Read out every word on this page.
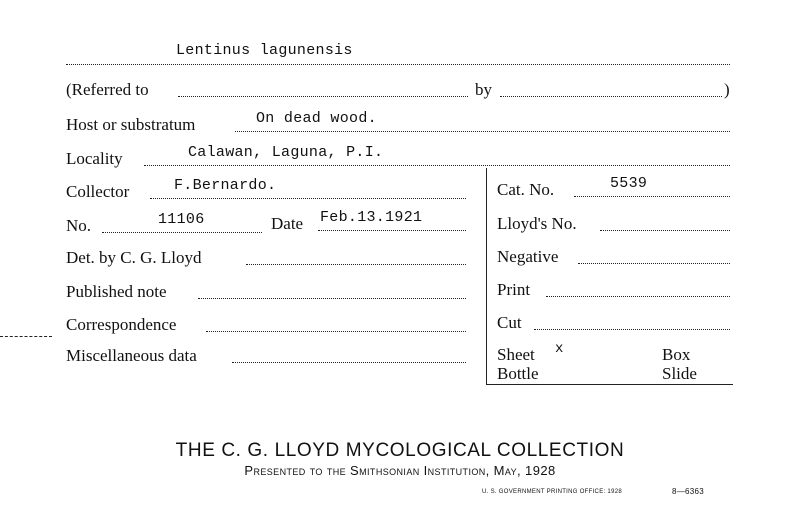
Lentinus lagunensis
(Referred to	by	)
Host or substratum	On dead wood.
Locality	Calawan, Laguna, P.I.
Collector	F.Bernardo.
No.	11106	Date Feb.13.1921
Det. by C. G. Lloyd
Published note
Correspondence
Miscellaneous data
Cat. No.	5539
Lloyd's No.
Negative
Print
Cut
Sheet x	Box
Bottle	Slide
THE C. G. LLOYD MYCOLOGICAL COLLECTION
Presented to the Smithsonian Institution, May, 1928
U. S. GOVERNMENT PRINTING OFFICE: 1928	8—6363
